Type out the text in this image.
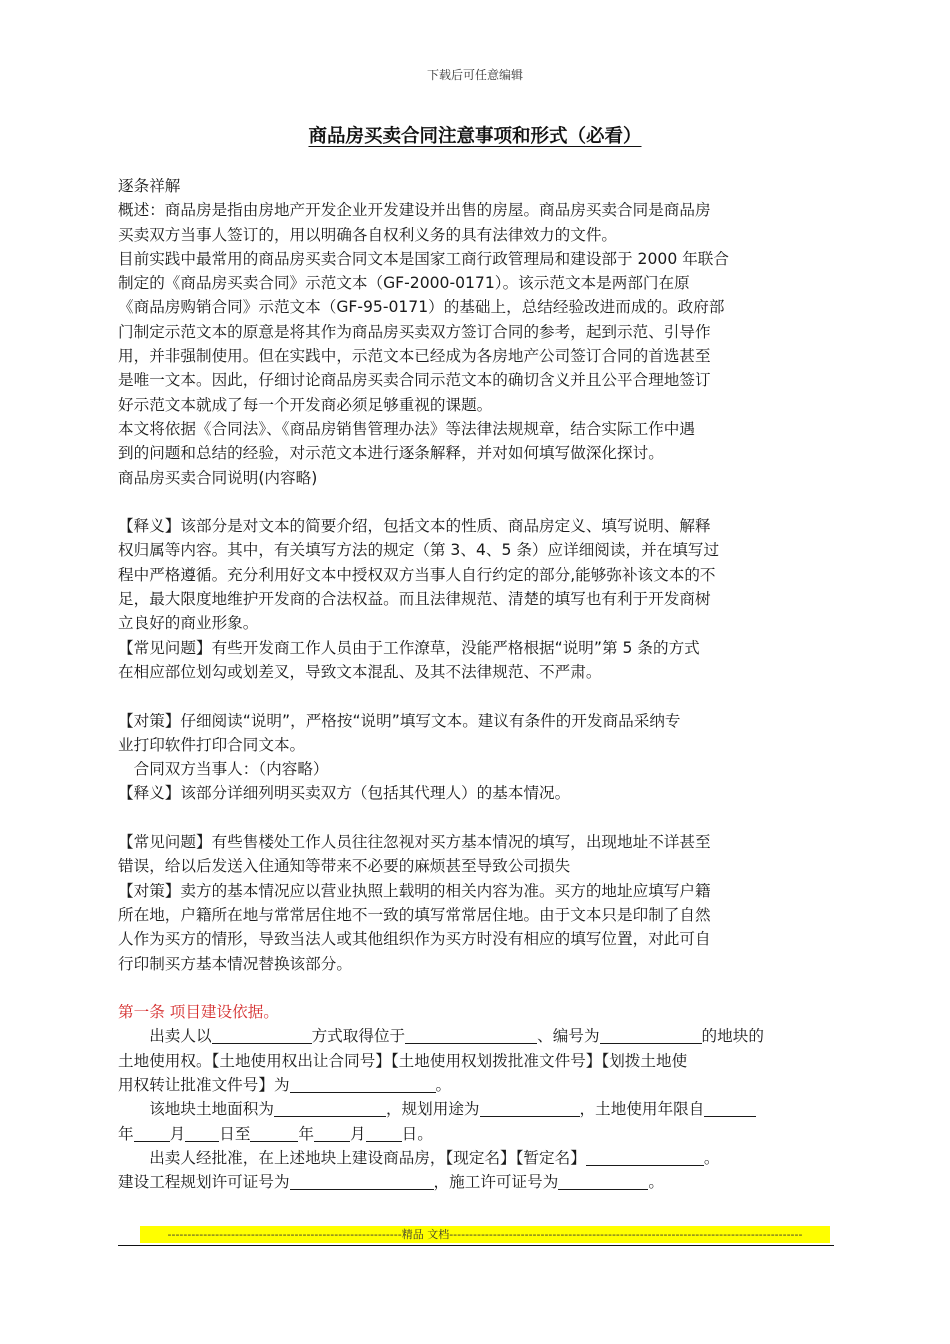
下载后可任意编辑
商品房买卖合同注意事项和形式（必看）

逐条祥解

概述：商品房是指由房地产开发企业开发建设并出售的房屋。商品房买卖合同是商品房

买卖双方当事人签订的，用以明确各自权利义务的具有法律效力的文件。

目前实践中最常用的商品房买卖合同文本是国家工商行政管理局和建设部于 2000 年联合

制定的《商品房买卖合同》示范文本（GF-2000-0171）。该示范文本是两部门在原

《商品房购销合同》示范文本（GF-95-0171）的基础上，总结经验改进而成的。政府部

门制定示范文本的原意是将其作为商品房买卖双方签订合同的参考，起到示范、引导作

用，并非强制使用。但在实践中，示范文本已经成为各房地产公司签订合同的首选甚至

是唯一文本。因此，仔细讨论商品房买卖合同示范文本的确切含义并且公平合理地签订

好示范文本就成了每一个开发商必须足够重视的课题。

本文将依据《合同法》、《商品房销售管理办法》等法律法规规章，结合实际工作中遇

到的问题和总结的经验，对示范文本进行逐条解释，并对如何填写做深化探讨。

商品房买卖合同说明(内容略)

【释义】该部分是对文本的简要介绍，包括文本的性质、商品房定义、填写说明、解释

权归属等内容。其中，有关填写方法的规定（第 3、4、5 条）应详细阅读，并在填写过

程中严格遵循。充分利用好文本中授权双方当事人自行约定的部分,能够弥补该文本的不

足，最大限度地维护开发商的合法权益。而且法律规范、清楚的填写也有利于开发商树

立良好的商业形象。

【常见问题】有些开发商工作人员由于工作潦草，没能严格根据“说明”第 5 条的方式

在相应部位划勾或划差叉，导致文本混乱、及其不法律规范、不严肃。

【对策】仔细阅读“说明”，严格按“说明”填写文本。建议有条件的开发商品采纳专

业打印软件打印合同文本。

　合同双方当事人：（内容略）

【释义】该部分详细列明买卖双方（包括其代理人）的基本情况。

【常见问题】有些售楼处工作人员往往忽视对买方基本情况的填写，出现地址不详甚至

错误，给以后发送入住通知等带来不必要的麻烦甚至导致公司损失

【对策】卖方的基本情况应以营业执照上载明的相关内容为准。买方的地址应填写户籍

所在地，户籍所在地与常常居住地不一致的填写常常居住地。由于文本只是印制了自然

人作为买方的情形，导致当法人或其他组织作为买方时没有相应的填写位置，对此可自

行印制买方基本情况替换该部分。

第一条 项目建设依据。

　　出卖人以	方式取得位于	、编号为	的地块的

土地使用权。【土地使用权出让合同号】【土地使用权划拨批准文件号】【划拨土地使

用权转让批准文件号】为	。

　　该地块土地面积为	，规划用途为	，土地使用年限自

年 月 日至	年 月 日。

　　出卖人经批准，在上述地块上建设商品房，【现定名】【暂定名】	。

建设工程规划许可证号为	，施工许可证号为	。

-----------------------------------------------------------精品 文档-----------------------------------------------------------------------------------------
